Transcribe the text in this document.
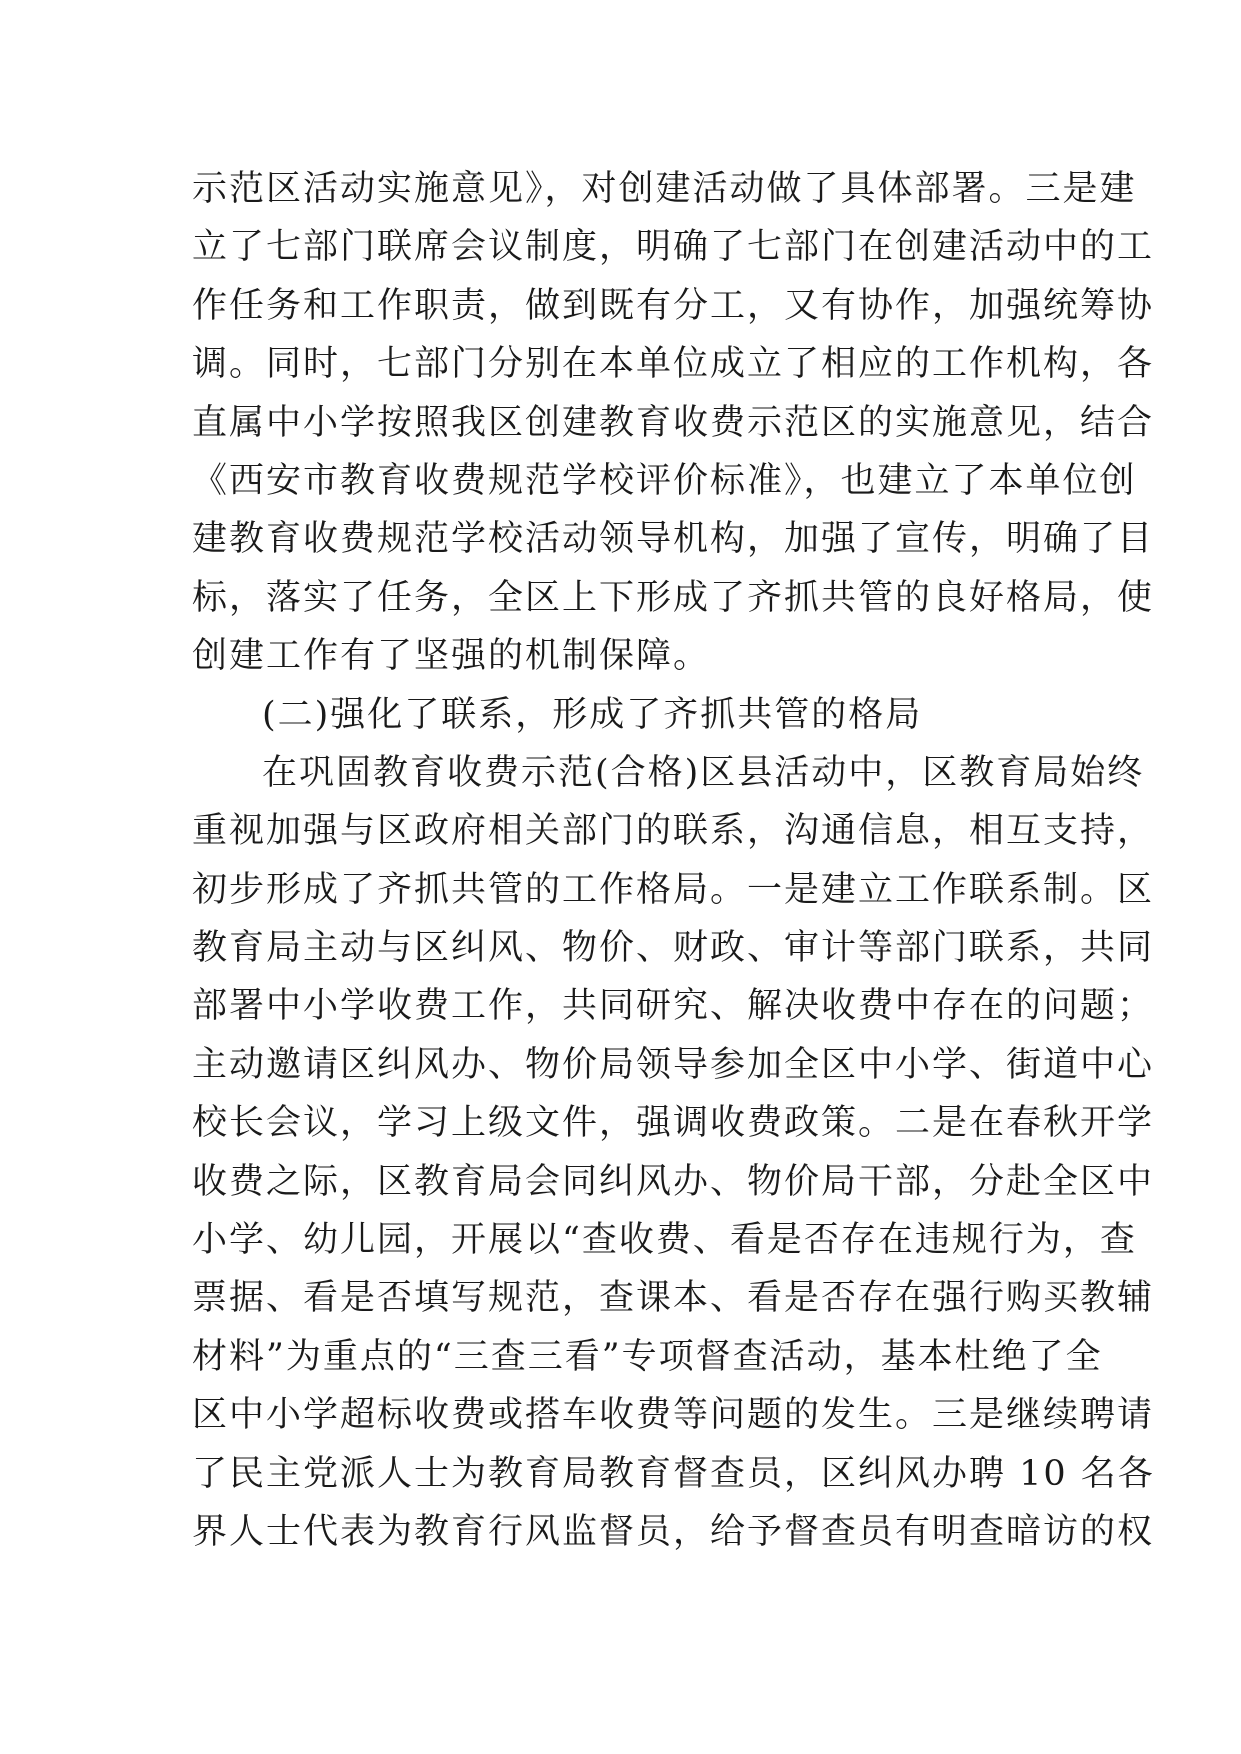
示范区活动实施意见》，对创建活动做了具体部署。三是建
立了七部门联席会议制度，明确了七部门在创建活动中的工
作任务和工作职责，做到既有分工，又有协作，加强统筹协
调。同时，七部门分别在本单位成立了相应的工作机构，各
直属中小学按照我区创建教育收费示范区的实施意见，结合
《西安市教育收费规范学校评价标准》，也建立了本单位创
建教育收费规范学校活动领导机构，加强了宣传，明确了目
标，落实了任务，全区上下形成了齐抓共管的良好格局，使
创建工作有了坚强的机制保障。
(二)强化了联系，形成了齐抓共管的格局
在巩固教育收费示范(合格)区县活动中，区教育局始终
重视加强与区政府相关部门的联系，沟通信息，相互支持，
初步形成了齐抓共管的工作格局。一是建立工作联系制。区
教育局主动与区纠风、物价、财政、审计等部门联系，共同
部署中小学收费工作，共同研究、解决收费中存在的问题；
主动邀请区纠风办、物价局领导参加全区中小学、街道中心
校长会议，学习上级文件，强调收费政策。二是在春秋开学
收费之际，区教育局会同纠风办、物价局干部，分赴全区中
小学、幼儿园，开展以“查收费、看是否存在违规行为，查
票据、看是否填写规范，查课本、看是否存在强行购买教辅
材料”为重点的“三查三看”专项督查活动，基本杜绝了全
区中小学超标收费或搭车收费等问题的发生。三是继续聘请
了民主党派人士为教育局教育督查员，区纠风办聘 10 名各
界人士代表为教育行风监督员，给予督查员有明查暗访的权
